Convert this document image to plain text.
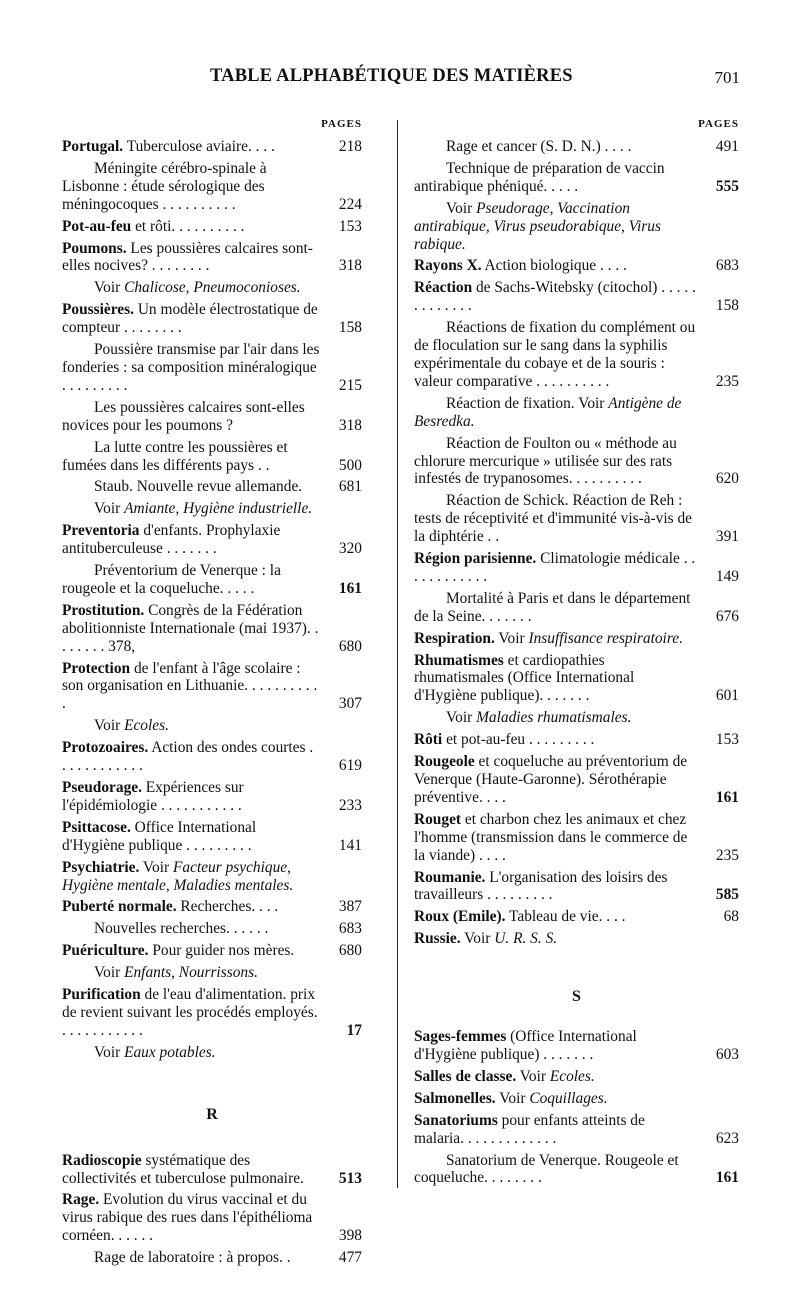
TABLE ALPHABÉTIQUE DES MATIÈRES	701
PAGES
Portugal. Tuberculose aviaire. . . .	218
Méningite cérébro-spinale à Lisbonne : étude sérologique des méningocoques . . . . . . . . . .	224
Pot-au-feu et rôti. . . . . . . . . .	153
Poumons. Les poussières calcaires sont-elles nocives? . . . . . . . .	318
Voir Chalicose, Pneumoconioses.
Poussières. Un modèle électrostatique de compteur . . . . . . . .	158
Poussière transmise par l'air dans les fonderies : sa composition minéralogique . . . . . . . . .	215
Les poussières calcaires sont-elles novices pour les poumons ?	318
La lutte contre les poussières et fumées dans les différents pays . .	500
Staub. Nouvelle revue allemande.	681
Voir Amiante, Hygiène industrielle.
Preventoria d'enfants. Prophylaxie antituberculeuse . . . . . . .	320
Préventorium de Venerque : la rougeole et la coqueluche. . . . .	161
Prostitution. Congrès de la Fédération abolitionniste Internationale (mai 1937). . . . . . . . 378,	680
Protection de l'enfant à l'âge scolaire : son organisation en Lithuanie. . . . . . . . . . .	307
Voir Ecoles.
Protozoaires. Action des ondes courtes . . . . . . . . . . . .	619
Pseudorage. Expériences sur l'épidémiologie . . . . . . . . . . .	233
Psittacose. Office International d'Hygiène publique . . . . . . . . .	141
Psychiatrie. Voir Facteur psychique, Hygiène mentale, Maladies mentales.
Puberté normale. Recherches. . . .	387
Nouvelles recherches. . . . . .	683
Puériculture. Pour guider nos mères.	680
Voir Enfants, Nourrissons.
Purification de l'eau d'alimentation. prix de revient suivant les procédés employés. . . . . . . . . . . .	17
Voir Eaux potables.
R
Radioscopie systématique des collectivités et tuberculose pulmonaire.	513
Rage. Evolution du virus vaccinal et du virus rabique des rues dans l'épithélioma cornéen. . . . . .	398
Rage de laboratoire : à propos. .	477
PAGES
Rage et cancer (S. D. N.) . . . .	491
Technique de préparation de vaccin antirabique phéniqué. . . . .	555
Voir Pseudorage, Vaccination antirabique, Virus pseudorabique, Virus rabique.
Rayons X. Action biologique . . . .	683
Réaction de Sachs-Witebsky (citochol) . . . . . . . . . . . . .	158
Réactions de fixation du complément ou de floculation sur le sang dans la syphilis expérimentale du cobaye et de la souris : valeur comparative . . . . . . . . . .	235
Réaction de fixation. Voir Antigène de Besredka.
Réaction de Foulton ou « méthode au chlorure mercurique » utilisée sur des rats infestés de trypanosomes. . . . . . . . . .	620
Réaction de Schick. Réaction de Reh : tests de réceptivité et d'immunité vis-à-vis de la diphtérie . .	391
Région parisienne. Climatologie médicale . . . . . . . . . . . .	149
Mortalité à Paris et dans le département de la Seine. . . . . . .	676
Respiration. Voir Insuffisance respiratoire.
Rhumatismes et cardiopathies rhumatismales (Office International d'Hygiène publique). . . . . . .	601
Voir Maladies rhumatismales.
Rôti et pot-au-feu . . . . . . . . .	153
Rougeole et coqueluche au préventorium de Venerque (Haute-Garonne). Sérothérapie préventive. . . .	161
Rouget et charbon chez les animaux et chez l'homme (transmission dans le commerce de la viande) . . . .	235
Roumanie. L'organisation des loisirs des travailleurs . . . . . . . . .	585
Roux (Emile). Tableau de vie. . . .	68
Russie. Voir U. R. S. S.
S
Sages-femmes (Office International d'Hygiène publique) . . . . . . .	603
Salles de classe. Voir Ecoles.
Salmonelles. Voir Coquillages.
Sanatoriums pour enfants atteints de malaria. . . . . . . . . . . . .	623
Sanatorium de Venerque. Rougeole et coqueluche. . . . . . . .	161
